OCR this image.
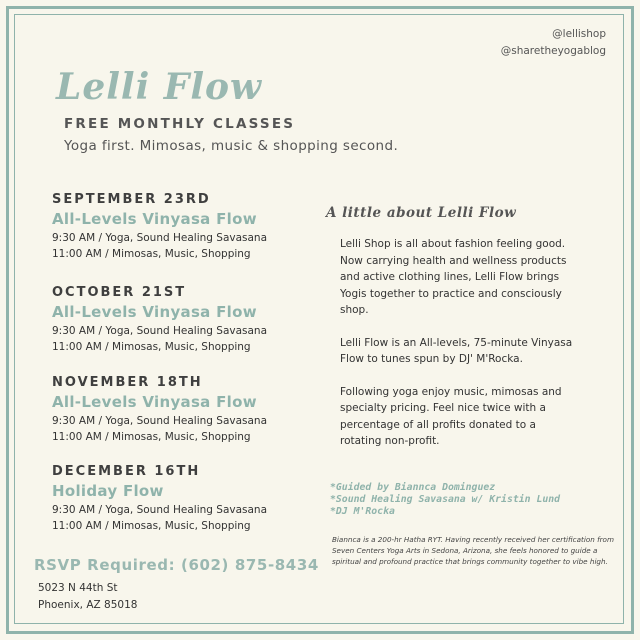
@lellishop
@sharetheyogablog
Lelli Flow
FREE MONTHLY CLASSES
Yoga first. Mimosas, music & shopping second.
SEPTEMBER 23RD
All-Levels Vinyasa Flow
9:30 AM / Yoga, Sound Healing Savasana
11:00 AM / Mimosas, Music, Shopping
OCTOBER 21ST
All-Levels Vinyasa Flow
9:30 AM / Yoga, Sound Healing Savasana
11:00 AM / Mimosas, Music, Shopping
NOVEMBER 18TH
All-Levels Vinyasa Flow
9:30 AM / Yoga, Sound Healing Savasana
11:00 AM / Mimosas, Music, Shopping
DECEMBER 16TH
Holiday Flow
9:30 AM / Yoga, Sound Healing Savasana
11:00 AM / Mimosas, Music, Shopping
RSVP Required: (602) 875-8434
5023 N 44th St
Phoenix, AZ 85018
A little about Lelli Flow

Lelli Shop is all about fashion feeling good. Now carrying health and wellness products and active clothing lines, Lelli Flow brings Yogis together to practice and consciously shop.

Lelli Flow is an All-levels, 75-minute Vinyasa Flow to tunes spun by DJ' M'Rocka.

Following yoga enjoy music, mimosas and specialty pricing. Feel nice twice with a percentage of all profits donated to a rotating non-profit.

*Guided by Biannca Dominguez
*Sound Healing Savasana w/ Kristin Lund
*DJ M'Rocka
Biannca is a 200-hr Hatha RYT. Having recently received her certification from Seven Centers Yoga Arts in Sedona, Arizona, she feels honored to guide a spiritual and profound practice that brings community together to vibe high.
